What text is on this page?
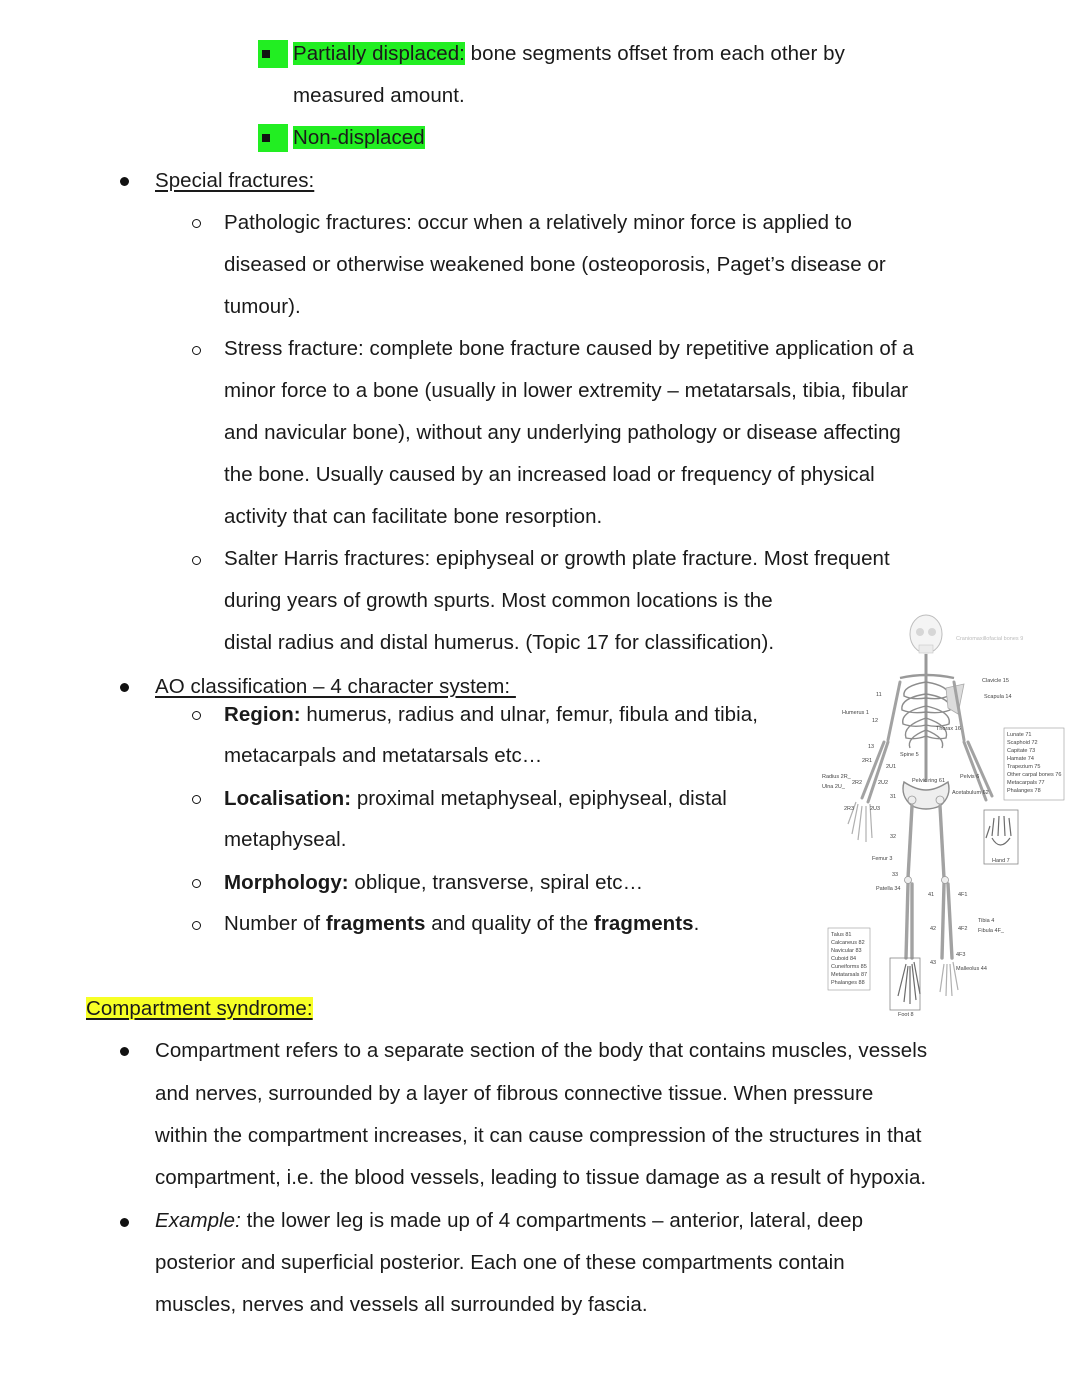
Partially displaced: bone segments offset from each other by
measured amount.
Non-displaced
Special fractures:
Pathologic fractures: occur when a relatively minor force is applied to
diseased or otherwise weakened bone (osteoporosis, Paget’s disease or
tumour).
Stress fracture: complete bone fracture caused by repetitive application of a
minor force to a bone (usually in lower extremity – metatarsals, tibia, fibular
and navicular bone), without any underlying pathology or disease affecting
the bone. Usually caused by an increased load or frequency of physical
activity that can facilitate bone resorption.
Salter Harris fractures: epiphyseal or growth plate fracture. Most frequent
during years of growth spurts. Most common locations is the
distal radius and distal humerus. (Topic 17 for classification).
AO classification – 4 character system:
Region: humerus, radius and ulnar, femur, fibula and tibia,
metacarpals and metatarsals etc…
Localisation: proximal metaphyseal, epiphyseal, distal
metaphyseal.
Morphology: oblique, transverse, spiral etc…
Number of fragments and quality of the fragments.
Craniomaxillofacial bones 9
Clavicle 15
Scapula 14
Humerus 1
Thorax 16
Spine 5
Pelvic ring 61
Pelvis 6
Acetabulum 62
Radius 2R_
Ulna 2U_
Femur 3
Patella 34
Tibia 4
Fibula 4F_
Malleolus 44
Hand 7
Foot 8
11
12
13
2R1
2R2
2R3
2U1
2U2
2U3
31
32
33
41
42
43
4F1
4F2
4F3
Lunate 71
Scaphoid 72
Capitate 73
Hamate 74
Trapezium 75
Other carpal bones 76
Metacarpals 77
Phalanges 78
Talus 81
Calcaneus 82
Navicular 83
Cuboid 84
Cuneiforms 85
Metatarsals 87
Phalanges 88
Compartment syndrome:
Compartment refers to a separate section of the body that contains muscles, vessels
and nerves, surrounded by a layer of fibrous connective tissue. When pressure
within the compartment increases, it can cause compression of the structures in that
compartment, i.e. the blood vessels, leading to tissue damage as a result of hypoxia.
Example: the lower leg is made up of 4 compartments – anterior, lateral, deep
posterior and superficial posterior. Each one of these compartments contain
muscles, nerves and vessels all surrounded by fascia.
